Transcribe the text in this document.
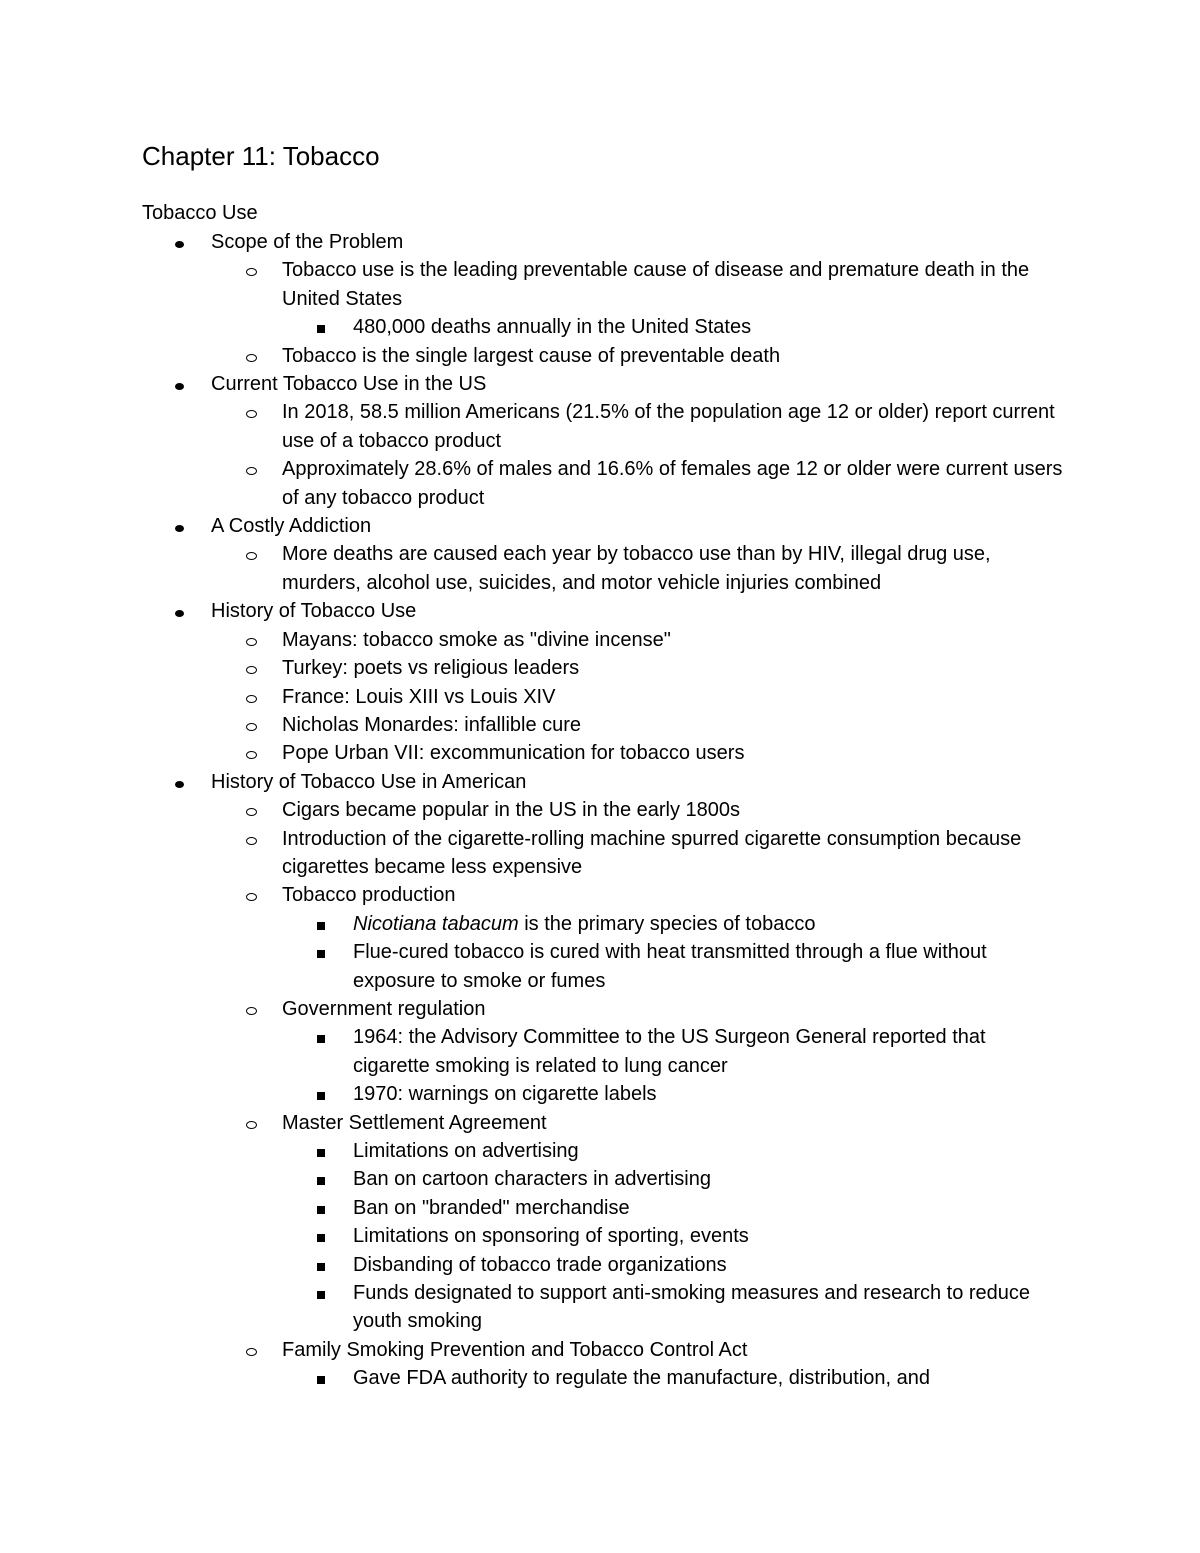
Chapter 11: Tobacco
Tobacco Use
Scope of the Problem
Tobacco use is the leading preventable cause of disease and premature death in the United States
480,000 deaths annually in the United States
Tobacco is the single largest cause of preventable death
Current Tobacco Use in the US
In 2018, 58.5 million Americans (21.5% of the population age 12 or older) report current use of a tobacco product
Approximately 28.6% of males and 16.6% of females age 12 or older were current users of any tobacco product
A Costly Addiction
More deaths are caused each year by tobacco use than by HIV, illegal drug use, murders, alcohol use, suicides, and motor vehicle injuries combined
History of Tobacco Use
Mayans: tobacco smoke as "divine incense"
Turkey: poets vs religious leaders
France: Louis XIII vs Louis XIV
Nicholas Monardes: infallible cure
Pope Urban VII: excommunication for tobacco users
History of Tobacco Use in American
Cigars became popular in the US in the early 1800s
Introduction of the cigarette-rolling machine spurred cigarette consumption because cigarettes became less expensive
Tobacco production
Nicotiana tabacum is the primary species of tobacco
Flue-cured tobacco is cured with heat transmitted through a flue without exposure to smoke or fumes
Government regulation
1964: the Advisory Committee to the US Surgeon General reported that cigarette smoking is related to lung cancer
1970: warnings on cigarette labels
Master Settlement Agreement
Limitations on advertising
Ban on cartoon characters in advertising
Ban on "branded" merchandise
Limitations on sponsoring of sporting, events
Disbanding of tobacco trade organizations
Funds designated to support anti-smoking measures and research to reduce youth smoking
Family Smoking Prevention and Tobacco Control Act
Gave FDA authority to regulate the manufacture, distribution, and
